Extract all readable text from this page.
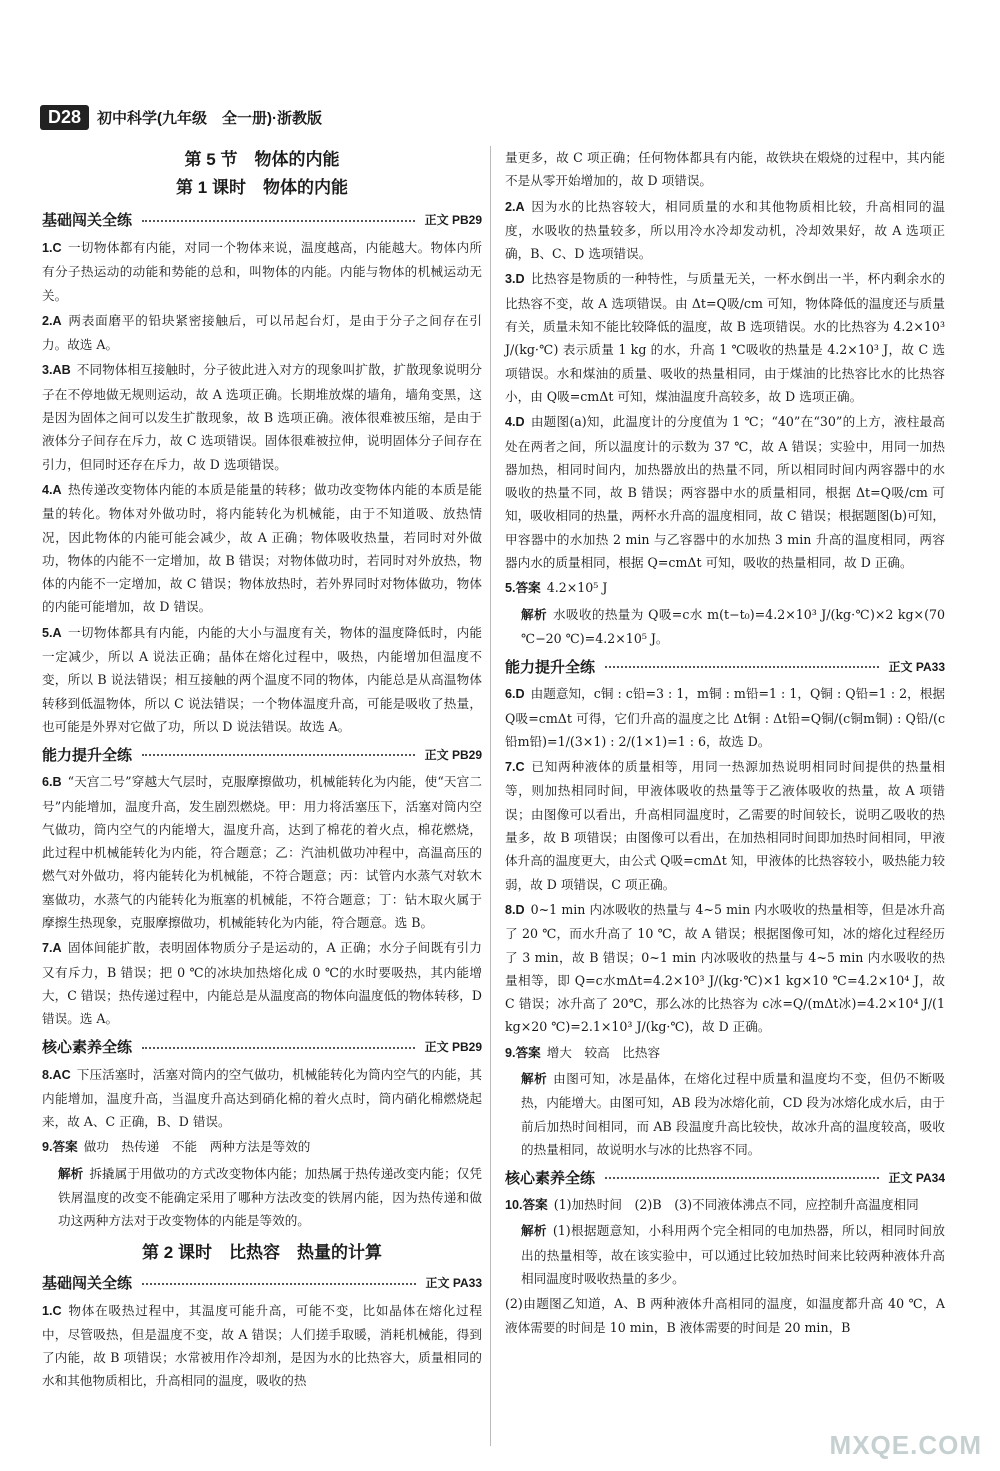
D28	初中科学(九年级　全一册)·浙教版
第 5 节　物体的内能
第 1 课时　物体的内能
基础闯关全练	正文 PB29
1.C 一切物体都有内能，对同一个物体来说，温度越高，内能越大。物体内所有分子热运动的动能和势能的总和，叫物体的内能。内能与物体的机械运动无关。
2.A 两表面磨平的铅块紧密接触后，可以吊起台灯，是由于分子之间存在引力。故选 A。
3.AB 不同物体相互接触时，分子彼此进入对方的现象叫扩散，扩散现象说明分子在不停地做无规则运动，故 A 选项正确。长期堆放煤的墙角，墙角变黑，这是因为固体之间可以发生扩散现象，故 B 选项正确。液体很难被压缩，是由于液体分子间存在斥力，故 C 选项错误。固体很难被拉伸，说明固体分子间存在引力，但同时还存在斥力，故 D 选项错误。
4.A 热传递改变物体内能的本质是能量的转移；做功改变物体内能的本质是能量的转化。物体对外做功时，将内能转化为机械能，由于不知道吸、放热情况，因此物体的内能可能会减少，故 A 正确；物体吸收热量，若同时对外做功，物体的内能不一定增加，故 B 错误；对物体做功时，若同时对外放热，物体的内能不一定增加，故 C 错误；物体放热时，若外界同时对物体做功，物体的内能可能增加，故 D 错误。
5.A 一切物体都具有内能，内能的大小与温度有关，物体的温度降低时，内能一定减少，所以 A 说法正确；晶体在熔化过程中，吸热，内能增加但温度不变，所以 B 说法错误；相互接触的两个温度不同的物体，内能总是从高温物体转移到低温物体，所以 C 说法错误；一个物体温度升高，可能是吸收了热量，也可能是外界对它做了功，所以 D 说法错误。故选 A。
能力提升全练	正文 PB29
6.B “天宫二号”穿越大气层时，克服摩擦做功，机械能转化为内能，使“天宫二号”内能增加，温度升高，发生剧烈燃烧。甲：用力将活塞压下，活塞对筒内空气做功，筒内空气的内能增大，温度升高，达到了棉花的着火点，棉花燃烧，此过程中机械能转化为内能，符合题意；乙：汽油机做功冲程中，高温高压的燃气对外做功，将内能转化为机械能，不符合题意；丙：试管内水蒸气对软木塞做功，水蒸气的内能转化为瓶塞的机械能，不符合题意；丁：钻木取火属于摩擦生热现象，克服摩擦做功，机械能转化为内能，符合题意。选 B。
7.A 固体间能扩散，表明固体物质分子是运动的，A 正确；水分子间既有引力又有斥力，B 错误；把 0 ℃的冰块加热熔化成 0 ℃的水时要吸热，其内能增大，C 错误；热传递过程中，内能总是从温度高的物体向温度低的物体转移，D 错误。选 A。
核心素养全练	正文 PB29
8.AC 下压活塞时，活塞对筒内的空气做功，机械能转化为筒内空气的内能，其内能增加，温度升高，当温度升高达到硝化棉的着火点时，筒内硝化棉燃烧起来，故 A、C 正确，B、D 错误。
9.答案 做功　热传递　不能　两种方法是等效的
解析 拆撬属于用做功的方式改变物体内能；加热属于热传递改变内能；仅凭铁屑温度的改变不能确定采用了哪种方法改变的铁屑内能，因为热传递和做功这两种方法对于改变物体的内能是等效的。
第 2 课时　比热容　热量的计算
基础闯关全练	正文 PA33
1.C 物体在吸热过程中，其温度可能升高，可能不变，比如晶体在熔化过程中，尽管吸热，但是温度不变，故 A 错误；人们搓手取暖，消耗机械能，得到了内能，故 B 项错误；水常被用作冷却剂，是因为水的比热容大，质量相同的水和其他物质相比，升高相同的温度，吸收的热
量更多，故 C 项正确；任何物体都具有内能，故铁块在煅烧的过程中，其内能不是从零开始增加的，故 D 项错误。
2.A 因为水的比热容较大，相同质量的水和其他物质相比较，升高相同的温度，水吸收的热量较多，所以用冷水冷却发动机，冷却效果好，故 A 选项正确，B、C、D 选项错误。
3.D 比热容是物质的一种特性，与质量无关，一杯水倒出一半，杯内剩余水的比热容不变，故 A 选项错误。由 Δt=Q吸/cm 可知，物体降低的温度还与质量有关，质量未知不能比较降低的温度，故 B 选项错误。水的比热容为 4.2×10³ J/(kg·℃) 表示质量 1 kg 的水，升高 1 ℃吸收的热量是 4.2×10³ J，故 C 选项错误。水和煤油的质量、吸收的热量相同，由于煤油的比热容比水的比热容小，由 Q吸=cmΔt 可知，煤油温度升高较多，故 D 选项正确。
4.D 由题图(a)知，此温度计的分度值为 1 ℃；“40”在“30”的上方，液柱最高处在两者之间，所以温度计的示数为 37 ℃，故 A 错误；实验中，用同一加热器加热，相同时间内，加热器放出的热量不同，所以相同时间内两容器中的水吸收的热量不同，故 B 错误；两容器中水的质量相同，根据 Δt=Q吸/cm 可知，吸收相同的热量，两杯水升高的温度相同，故 C 错误；根据题图(b)可知，甲容器中的水加热 2 min 与乙容器中的水加热 3 min 升高的温度相同，两容器内水的质量相同，根据 Q=cmΔt 可知，吸收的热量相同，故 D 正确。
5.答案 4.2×10⁵ J
解析 水吸收的热量为 Q吸=c水 m(t−t₀)=4.2×10³ J/(kg·℃)×2 kg×(70 ℃−20 ℃)=4.2×10⁵ J。
能力提升全练	正文 PA33
6.D 由题意知，c铜 : c铅=3 : 1，m铜 : m铅=1 : 1，Q铜 : Q铅=1 : 2，根据 Q吸=cmΔt 可得，它们升高的温度之比 Δt铜 : Δt铅=Q铜/(c铜m铜) : Q铅/(c铅m铅)=1/(3×1) : 2/(1×1)=1 : 6，故选 D。
7.C 已知两种液体的质量相等，用同一热源加热说明相同时间提供的热量相等，则加热相同时间，甲液体吸收的热量等于乙液体吸收的热量，故 A 项错误；由图像可以看出，升高相同温度时，乙需要的时间较长，说明乙吸收的热量多，故 B 项错误；由图像可以看出，在加热相同时间即加热时间相同，甲液体升高的温度更大，由公式 Q吸=cmΔt 知，甲液体的比热容较小，吸热能力较弱，故 D 项错误，C 项正确。
8.D 0~1 min 内冰吸收的热量与 4~5 min 内水吸收的热量相等，但是冰升高了 20 ℃，而水升高了 10 ℃，故 A 错误；根据图像可知，冰的熔化过程经历了 3 min，故 B 错误；0~1 min 内冰吸收的热量与 4~5 min 内水吸收的热量相等，即 Q=c水mΔt=4.2×10³ J/(kg·℃)×1 kg×10 ℃=4.2×10⁴ J，故 C 错误；冰升高了 20℃，那么冰的比热容为 c冰=Q/(mΔt冰)=4.2×10⁴ J/(1 kg×20 ℃)=2.1×10³ J/(kg·℃)，故 D 正确。
9.答案 增大　较高　比热容
解析 由图可知，冰是晶体，在熔化过程中质量和温度均不变，但仍不断吸热，内能增大。由图可知，AB 段为冰熔化前，CD 段为冰熔化成水后，由于前后加热时间相同，而 AB 段温度升高比较快，故冰升高的温度较高，吸收的热量相同，故说明水与冰的比热容不同。
核心素养全练	正文 PA34
10.答案 (1)加热时间　(2)B　(3)不同液体沸点不同，应控制升高温度相同
解析 (1)根据题意知，小科用两个完全相同的电加热器，所以，相同时间放出的热量相等，故在该实验中，可以通过比较加热时间来比较两种液体升高相同温度时吸收热量的多少。
(2)由题图乙知道，A、B 两种液体升高相同的温度，如温度都升高 40 ℃，A 液体需要的时间是 10 min，B 液体需要的时间是 20 min，B
MXQE.COM
